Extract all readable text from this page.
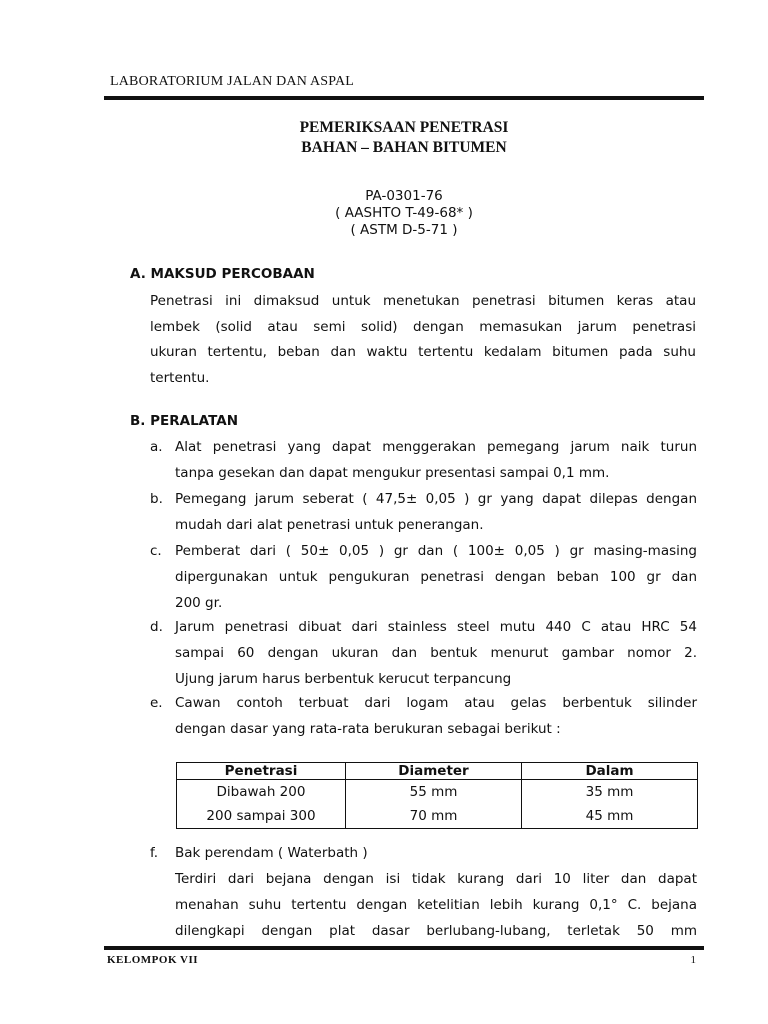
LABORATORIUM JALAN DAN ASPAL
PEMERIKSAAN PENETRASI
BAHAN – BAHAN BITUMEN
PA-0301-76
( AASHTO T-49-68* )
( ASTM D-5-71 )
A. MAKSUD PERCOBAAN
Penetrasi ini dimaksud untuk menetukan penetrasi bitumen keras atau
lembek (solid atau semi solid) dengan memasukan jarum penetrasi
ukuran tertentu, beban dan waktu tertentu kedalam bitumen pada suhu
tertentu.
B. PERALATAN
a. Alat penetrasi yang dapat menggerakan pemegang jarum naik turun
tanpa gesekan dan dapat mengukur presentasi sampai 0,1 mm.
b. Pemegang jarum seberat ( 47,5± 0,05 ) gr yang dapat dilepas dengan
mudah dari alat penetrasi untuk penerangan.
c. Pemberat dari ( 50± 0,05 ) gr dan ( 100± 0,05 ) gr masing-masing
dipergunakan untuk pengukuran penetrasi dengan beban 100 gr dan
200 gr.
d. Jarum penetrasi dibuat dari stainless steel mutu 440 C atau HRC 54
sampai 60 dengan ukuran dan bentuk menurut gambar nomor 2.
Ujung jarum harus berbentuk kerucut terpancung
e. Cawan contoh terbuat dari logam atau gelas berbentuk silinder
dengan dasar yang rata-rata berukuran sebagai berikut :
Penetrasi	Diameter	Dalam
Dibawah 200	55 mm	35 mm
200 sampai 300	70 mm	45 mm
f. Bak perendam ( Waterbath )
Terdiri dari bejana dengan isi tidak kurang dari 10 liter dan dapat
menahan suhu tertentu dengan ketelitian lebih kurang 0,1° C. bejana
dilengkapi dengan plat dasar berlubang-lubang, terletak 50 mm
KELOMPOK VII	1
